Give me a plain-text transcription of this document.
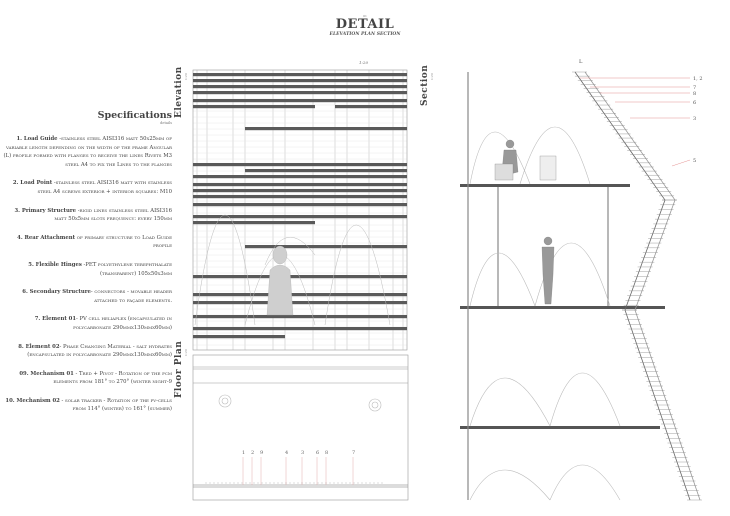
01
DETAIL
ELEVATION PLAN SECTION
1:20
Elevation 1:20
Floor Plan 1:20
Section 1:20
Specifications
details
1. Load Guide -stainless steel AISI316 matt 50x25mm of variable length depending on the width of the frame Angular (L) profile formed with flanges to receive the lines Rivets M3 steel A4 to fix the Lines to the flanges
2. Load Point -stainless steel AISI316 matt with stainless steel A4 screws exterior + interior squares: M10
3. Primary Structure -rigid lines stainless steel AISI316 matt 50x5mm slots frequency: every 150mm
4. Rear Attachment of primary structure to Load Guide profile
5. Flexible Hinges -PET polyethylene terephthalate (transparent) 105x50x3mm
6. Secondary Structure- connectors - movable header attached to façade elements.
7. Element 01- PV cell heliaplex (encapsulated in polycarbonate 290mmx130mmx60mm)
8. Element 02- Phase Changing Material - salt hydrates (encapsulated in polycarbonate 290mmx130mmx60mm)
09. Mechanism 01 - Tred + Pivot - Rotation of the pcm elements from 181° to 270° (winter night-9
10. Mechanism 02 - solar tracker - Rotation of the pv-cells from 114° (winter) to 161° (summer)
1 2 9	4	3 6 8	7
1, 2
7
8
6
3
5
L
